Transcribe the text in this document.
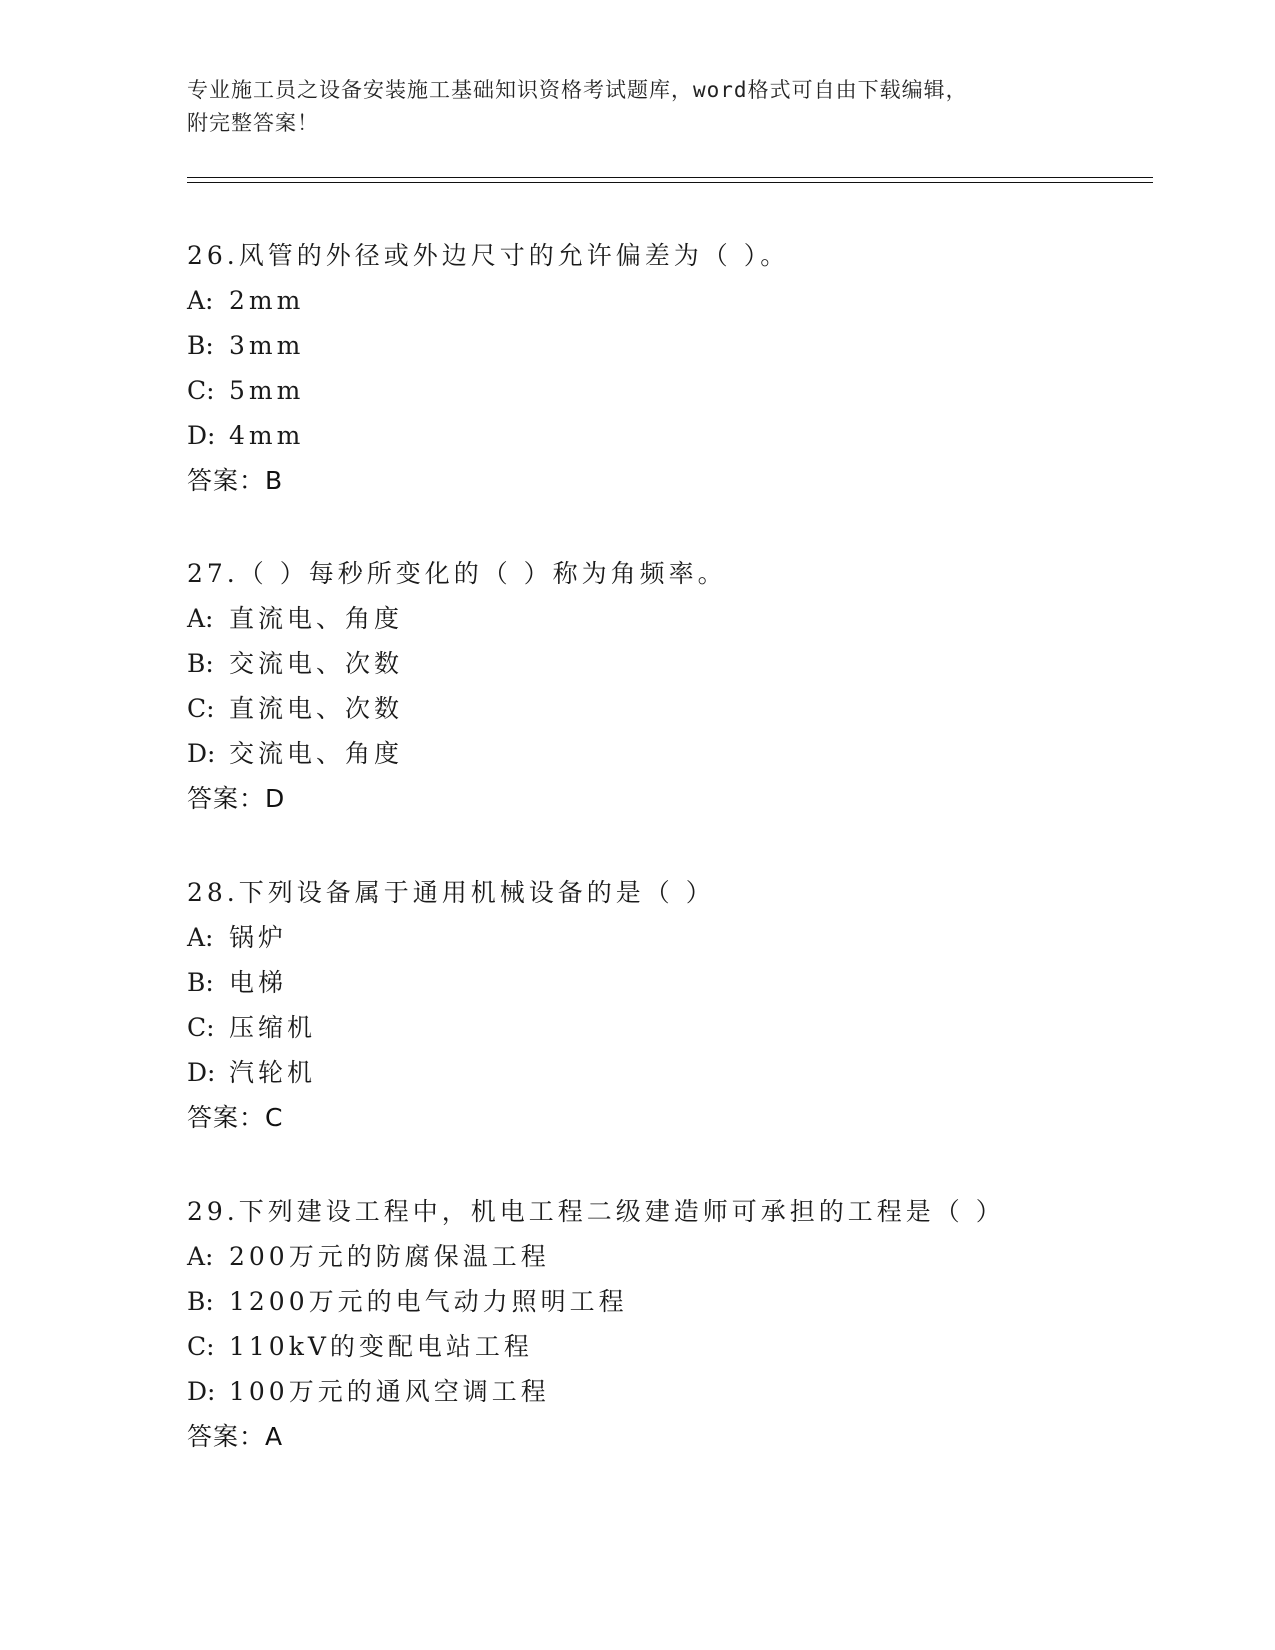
专业施工员之设备安装施工基础知识资格考试题库，word格式可自由下载编辑，
附完整答案！
26.风管的外径或外边尺寸的允许偏差为（ ）。
A: 2mm
B: 3mm
C: 5mm
D: 4mm
答案：B
27.（ ）每秒所变化的（ ）称为角频率。
A: 直流电、角度
B: 交流电、次数
C: 直流电、次数
D: 交流电、角度
答案：D
28.下列设备属于通用机械设备的是（ ）
A: 锅炉
B: 电梯
C: 压缩机
D: 汽轮机
答案：C
29.下列建设工程中，机电工程二级建造师可承担的工程是（ ）
A: 200万元的防腐保温工程
B: 1200万元的电气动力照明工程
C: 110kV的变配电站工程
D: 100万元的通风空调工程
答案：A
